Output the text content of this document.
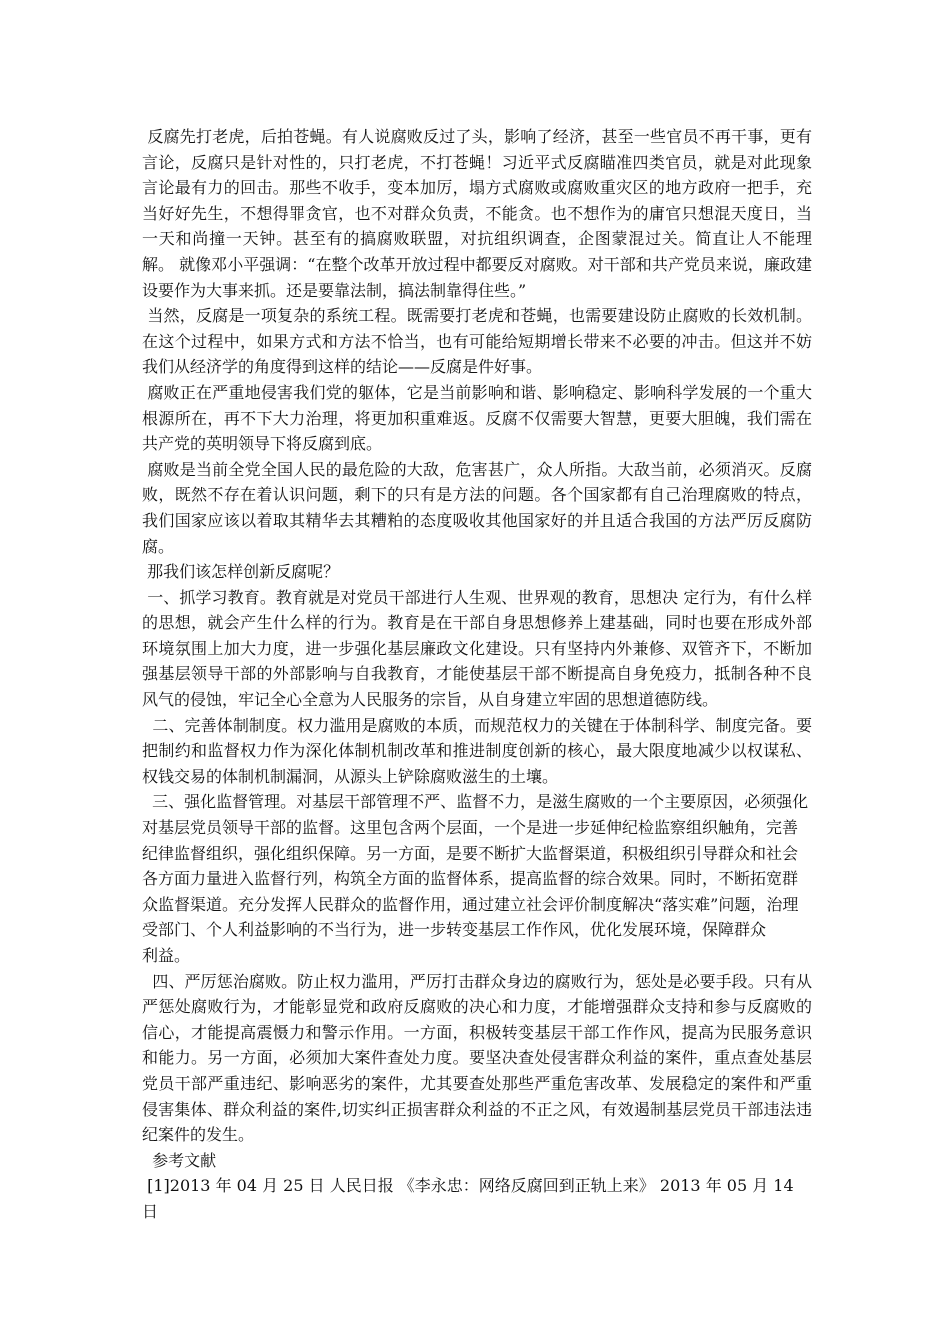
反腐先打老虎，后拍苍蝇。有人说腐败反过了头，影响了经济，甚至一些官员不再干事，更有言论，反腐只是针对性的，只打老虎，不打苍蝇！习近平式反腐瞄准四类官员，就是对此现象言论最有力的回击。那些不收手，变本加厉，塌方式腐败或腐败重灾区的地方政府一把手，充当好好先生，不想得罪贪官，也不对群众负责，不能贪。也不想作为的庸官只想混天度日，当一天和尚撞一天钟。甚至有的搞腐败联盟，对抗组织调查，企图蒙混过关。简直让人不能理解。 就像邓小平强调：“在整个改革开放过程中都要反对腐败。对干部和共产党员来说，廉政建设要作为大事来抓。还是要靠法制，搞法制靠得住些。”

当然，反腐是一项复杂的系统工程。既需要打老虎和苍蝇，也需要建设防止腐败的长效机制。在这个过程中，如果方式和方法不恰当，也有可能给短期增长带来不必要的冲击。但这并不妨我们从经济学的角度得到这样的结论——反腐是件好事。

腐败正在严重地侵害我们党的躯体，它是当前影响和谐、影响稳定、影响科学发展的一个重大根源所在，再不下大力治理，将更加积重难返。反腐不仅需要大智慧，更要大胆魄，我们需在共产党的英明领导下将反腐到底。

腐败是当前全党全国人民的最危险的大敌，危害甚广，众人所指。大敌当前，必须消灭。反腐败，既然不存在着认识问题，剩下的只有是方法的问题。各个国家都有自己治理腐败的特点，我们国家应该以着取其精华去其糟粕的态度吸收其他国家好的并且适合我国的方法严厉反腐防腐。

那我们该怎样创新反腐呢？

一、抓学习教育。教育就是对党员干部进行人生观、世界观的教育，思想决 定行为，有什么样的思想，就会产生什么样的行为。教育是在干部自身思想修养上建基础，同时也要在形成外部环境氛围上加大力度，进一步强化基层廉政文化建设。只有坚持内外兼修、双管齐下，不断加强基层领导干部的外部影响与自我教育，才能使基层干部不断提高自身免疫力，抵制各种不良风气的侵蚀，牢记全心全意为人民服务的宗旨，从自身建立牢固的思想道德防线。

二、完善体制制度。权力滥用是腐败的本质，而规范权力的关键在于体制科学、制度完备。要把制约和监督权力作为深化体制机制改革和推进制度创新的核心，最大限度地减少以权谋私、权钱交易的体制机制漏洞，从源头上铲除腐败滋生的土壤。

三、强化监督管理。对基层干部管理不严、监督不力，是滋生腐败的一个主要原因，必须强化对基层党员领导干部的监督。这里包含两个层面，一个是进一步延伸纪检监察组织触角，完善纪律监督组织，强化组织保障。另一方面，是要不断扩大监督渠道，积极组织引导群众和社会各方面力量进入监督行列，构筑全方面的监督体系，提高监督的综合效果。同时，不断拓宽群众监督渠道。充分发挥人民群众的监督作用，通过建立社会评价制度解决“落实难”问题，治理受部门、个人利益影响的不当行为，进一步转变基层工作作风，优化发展环境，保障群众

利益。

四、严厉惩治腐败。防止权力滥用，严厉打击群众身边的腐败行为，惩处是必要手段。只有从严惩处腐败行为，才能彰显党和政府反腐败的决心和力度，才能增强群众支持和参与反腐败的信心，才能提高震慑力和警示作用。一方面，积极转变基层干部工作作风，提高为民服务意识和能力。另一方面，必须加大案件查处力度。要坚决查处侵害群众利益的案件，重点查处基层党员干部严重违纪、影响恶劣的案件，尤其要查处那些严重危害改革、发展稳定的案件和严重侵害集体、群众利益的案件,切实纠正损害群众利益的不正之风，有效遏制基层党员干部违法违纪案件的发生。

参考文献

[1]2013 年 04 月 25 日 人民日报 《李永忠：网络反腐回到正轨上来》 2013 年 05 月 14 日
